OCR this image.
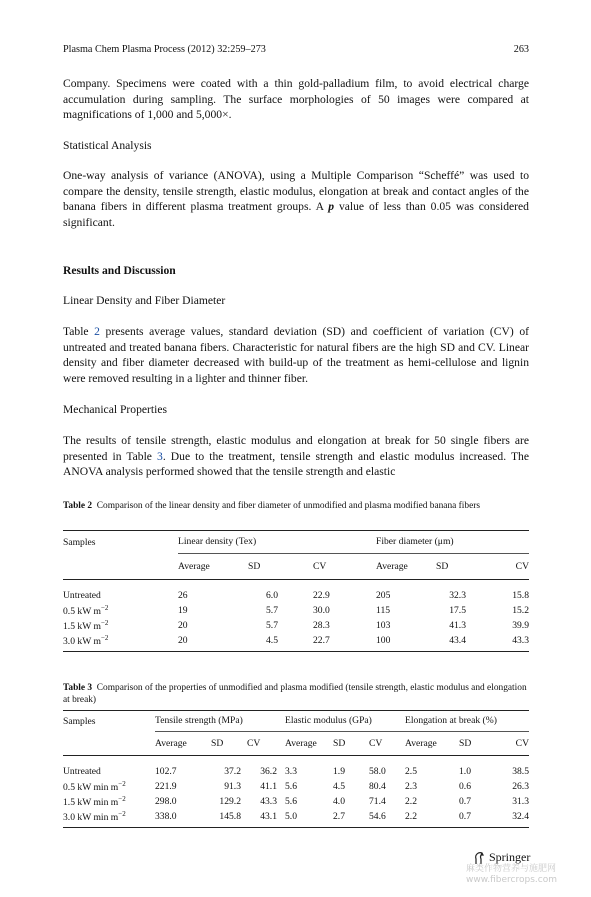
Plasma Chem Plasma Process (2012) 32:259–273	263
Company. Specimens were coated with a thin gold-palladium film, to avoid electrical charge accumulation during sampling. The surface morphologies of 50 images were compared at magnifications of 1,000 and 5,000×.
Statistical Analysis
One-way analysis of variance (ANOVA), using a Multiple Comparison “Scheffé” was used to compare the density, tensile strength, elastic modulus, elongation at break and contact angles of the banana fibers in different plasma treatment groups. A p value of less than 0.05 was considered significant.
Results and Discussion
Linear Density and Fiber Diameter
Table 2 presents average values, standard deviation (SD) and coefficient of variation (CV) of untreated and treated banana fibers. Characteristic for natural fibers are the high SD and CV. Linear density and fiber diameter decreased with build-up of the treatment as hemi-cellulose and lignin were removed resulting in a lighter and thinner fiber.
Mechanical Properties
The results of tensile strength, elastic modulus and elongation at break for 50 single fibers are presented in Table 3. Due to the treatment, tensile strength and elastic modulus increased. The ANOVA analysis performed showed that the tensile strength and elastic
Table 2 Comparison of the linear density and fiber diameter of unmodified and plasma modified banana fibers
Samples	Linear density (Tex)			Fiber diameter (μm)		
	Average	SD	CV	Average	SD	CV
Untreated	26	6.0	22.9	205	32.3	15.8
0.5 kW $m^{-2}$	19	5.7	30.0	115	17.5	15.2
1.5 kW $m^{-2}$	20	5.7	28.3	103	41.3	39.9
3.0 kW $m^{-2}$	20	4.5	22.7	100	43.4	43.3
Table 3 Comparison of the properties of unmodified and plasma modified (tensile strength, elastic modulus and elongation at break)
Samples	Tensile strength (MPa)			Elastic modulus (GPa)			Elongation at break (%)		
	Average	SD	CV	Average	SD	CV	Average	SD	CV
Untreated	102.7	37.2	36.2	3.3	1.9	58.0	2.5	1.0	38.5
0.5 kW $\min m^{-2}$	221.9	91.3	41.1	5.6	4.5	80.4	2.3	0.6	26.3
1.5 kW $\min m^{-2}$	298.0	129.2	43.3	5.6	4.0	71.4	2.2	0.7	31.3
3.0 kW $\min m^{-2}$	338.0	145.8	43.1	5.0	2.7	54.6	2.2	0.7	32.4
Springer
麻类作物营养与施肥网
www.fibercrops.com
